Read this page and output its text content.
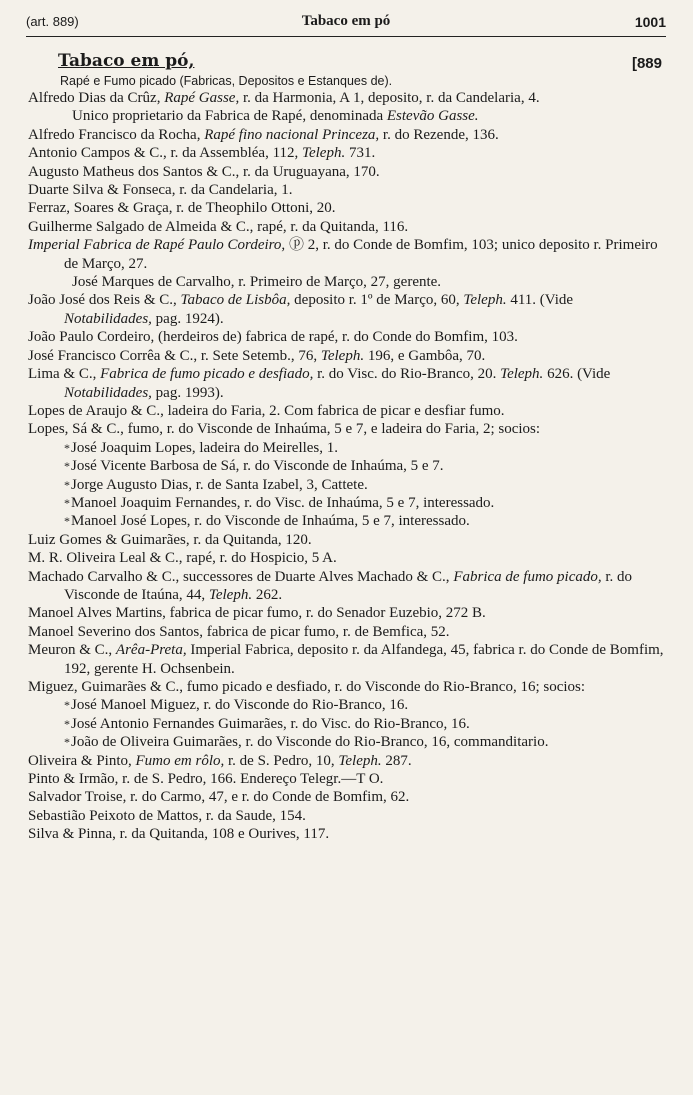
(art. 889)	Tabaco em pó	1001
Tabaco em pó,	[889
Rapé e Fumo picado (Fabricas, Depositos e Estanques de).
Alfredo Dias da Crûz, Rapé Gasse, r. da Harmonia, A 1, deposito, r. da Candelaria, 4.
Unico proprietario da Fabrica de Rapé, denominada Estevão Gasse.
Alfredo Francisco da Rocha, Rapé fino nacional Princeza, r. do Rezende, 136.
Antonio Campos & C., r. da Assembléa, 112, Teleph. 731.
Augusto Matheus dos Santos & C., r. da Uruguayana, 170.
Duarte Silva & Fonseca, r. da Candelaria, 1.
Ferraz, Soares & Graça, r. de Theophilo Ottoni, 20.
Guilherme Salgado de Almeida & C., rapé, r. da Quitanda, 116.
Imperial Fabrica de Rapé Paulo Cordeiro, ⓟ 2, r. do Conde de Bomfim, 103; unico deposito r. Primeiro de Março, 27.
José Marques de Carvalho, r. Primeiro de Março, 27, gerente.
João José dos Reis & C., Tabaco de Lisbôa, deposito r. 1º de Março, 60, Teleph. 411. (Vide Notabilidades, pag. 1924).
João Paulo Cordeiro, (herdeiros de) fabrica de rapé, r. do Conde do Bomfim, 103.
José Francisco Corrêa & C., r. Sete Setemb., 76, Teleph. 196, e Gambôa, 70.
Lima & C., Fabrica de fumo picado e desfiado, r. do Visc. do Rio-Branco, 20. Teleph. 626. (Vide Notabilidades, pag. 1993).
Lopes de Araujo & C., ladeira do Faria, 2. Com fabrica de picar e desfiar fumo.
Lopes, Sá & C., fumo, r. do Visconde de Inhaúma, 5 e 7, e ladeira do Faria, 2; socios:
*José Joaquim Lopes, ladeira do Meirelles, 1.
*José Vicente Barbosa de Sá, r. do Visconde de Inhaúma, 5 e 7.
*Jorge Augusto Dias, r. de Santa Izabel, 3, Cattete.
*Manoel Joaquim Fernandes, r. do Visc. de Inhaúma, 5 e 7, interessado.
*Manoel José Lopes, r. do Visconde de Inhaúma, 5 e 7, interessado.
Luiz Gomes & Guimarães, r. da Quitanda, 120.
M. R. Oliveira Leal & C., rapé, r. do Hospicio, 5 A.
Machado Carvalho & C., successores de Duarte Alves Machado & C., Fabrica de fumo picado, r. do Visconde de Itaúna, 44, Teleph. 262.
Manoel Alves Martins, fabrica de picar fumo, r. do Senador Euzebio, 272 B.
Manoel Severino dos Santos, fabrica de picar fumo, r. de Bemfica, 52.
Meuron & C., Arêa-Preta, Imperial Fabrica, deposito r. da Alfandega, 45, fabrica r. do Conde de Bomfim, 192, gerente H. Ochsenbein.
Miguez, Guimarães & C., fumo picado e desfiado, r. do Visconde do Rio-Branco, 16; socios:
*José Manoel Miguez, r. do Visconde do Rio-Branco, 16.
*José Antonio Fernandes Guimarães, r. do Visc. do Rio-Branco, 16.
*João de Oliveira Guimarães, r. do Visconde do Rio-Branco, 16, commanditario.
Oliveira & Pinto, Fumo em rôlo, r. de S. Pedro, 10, Teleph. 287.
Pinto & Irmão, r. de S. Pedro, 166. Endereço Telegr.—T O.
Salvador Troise, r. do Carmo, 47, e r. do Conde de Bomfim, 62.
Sebastião Peixoto de Mattos, r. da Saude, 154.
Silva & Pinna, r. da Quitanda, 108 e Ourives, 117.
